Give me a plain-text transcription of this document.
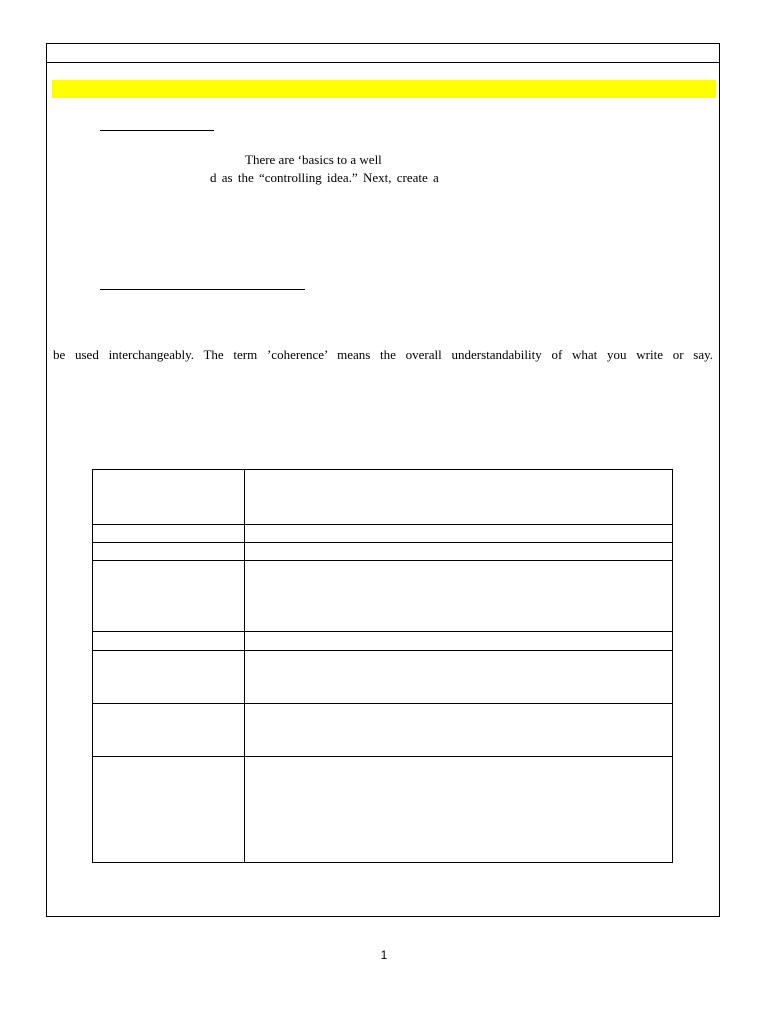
There are ‘basics to a well
d as the “controlling idea.” Next, create a
be used interchangeably. The term ’coherence’ means the overall understandability of what you write or say.

1
